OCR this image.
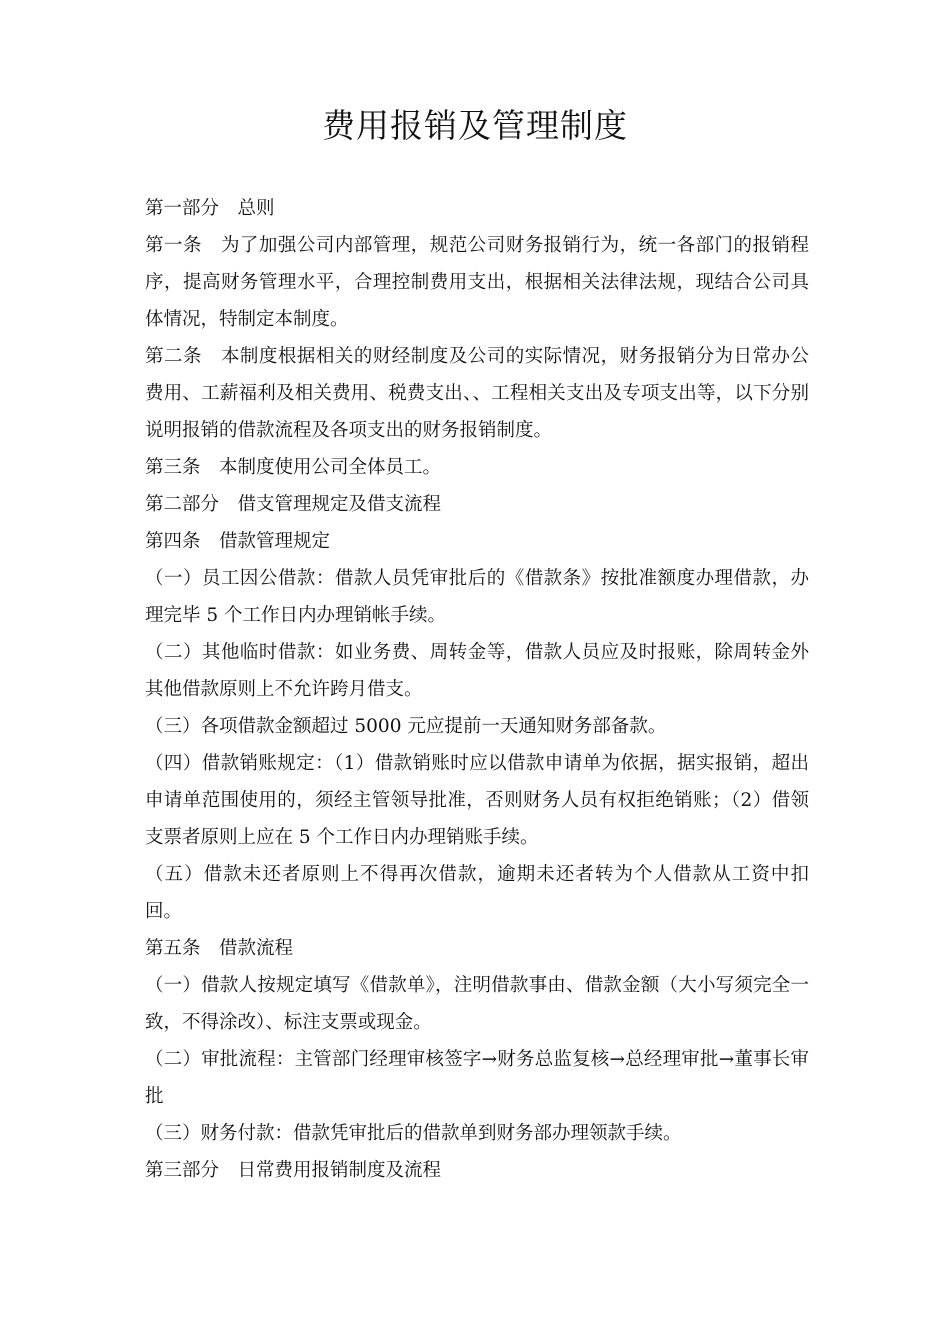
费用报销及管理制度

第一部分　总则

第一条　为了加强公司内部管理，规范公司财务报销行为，统一各部门的报销程序，提高财务管理水平，合理控制费用支出，根据相关法律法规，现结合公司具体情况，特制定本制度。

第二条　本制度根据相关的财经制度及公司的实际情况，财务报销分为日常办公费用、工薪福利及相关费用、税费支出、、工程相关支出及专项支出等，以下分别说明报销的借款流程及各项支出的财务报销制度。

第三条　本制度使用公司全体员工。

第二部分　借支管理规定及借支流程

第四条　借款管理规定

（一）员工因公借款：借款人员凭审批后的《借款条》按批准额度办理借款，办理完毕 5 个工作日内办理销帐手续。

（二）其他临时借款：如业务费、周转金等，借款人员应及时报账，除周转金外其他借款原则上不允许跨月借支。

（三）各项借款金额超过 5000 元应提前一天通知财务部备款。

（四）借款销账规定：（1）借款销账时应以借款申请单为依据，据实报销，超出申请单范围使用的，须经主管领导批准，否则财务人员有权拒绝销账；（2）借领支票者原则上应在 5 个工作日内办理销账手续。

（五）借款未还者原则上不得再次借款，逾期未还者转为个人借款从工资中扣回。

第五条　借款流程

（一）借款人按规定填写《借款单》，注明借款事由、借款金额（大小写须完全一致，不得涂改）、标注支票或现金。

（二）审批流程：主管部门经理审核签字→财务总监复核→总经理审批→董事长审批

（三）财务付款：借款凭审批后的借款单到财务部办理领款手续。

第三部分　日常费用报销制度及流程
